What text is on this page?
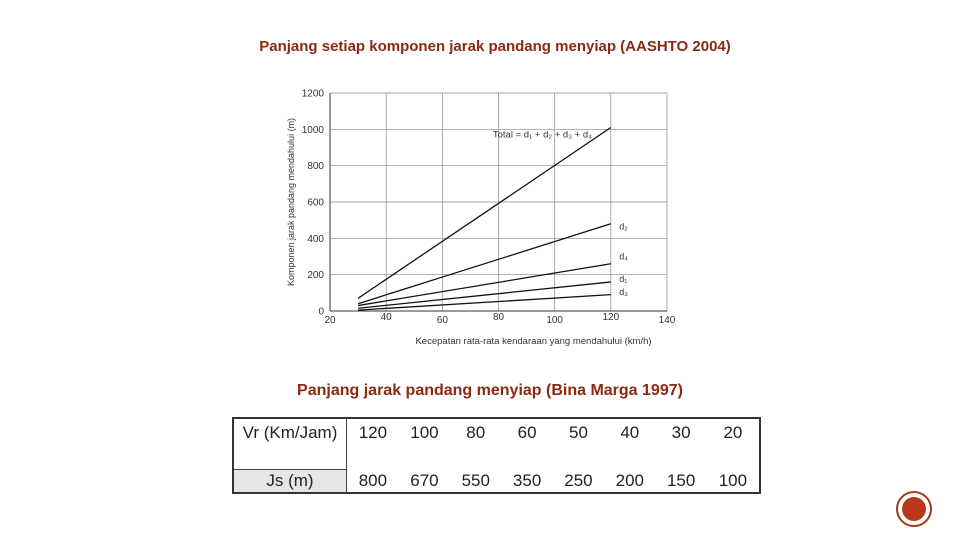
Panjang setiap komponen jarak pandang menyiap (AASHTO 2004)
20	40	60	80	100	120	140
0
200
400
600
800
1000
1200
d₂
d₄
d₁
d₃
Total = d₁ + d₂ + d₃ + d₄
Kecepatan rata-rata kendaraan yang mendahului (km/h)
Komponen jarak pandang mendahului (m)
Panjang jarak pandang menyiap (Bina Marga 1997)
Vr (Km/Jam)	120	100	80	60	50	40	30	20
Js (m)	800	670	550	350	250	200	150	100
